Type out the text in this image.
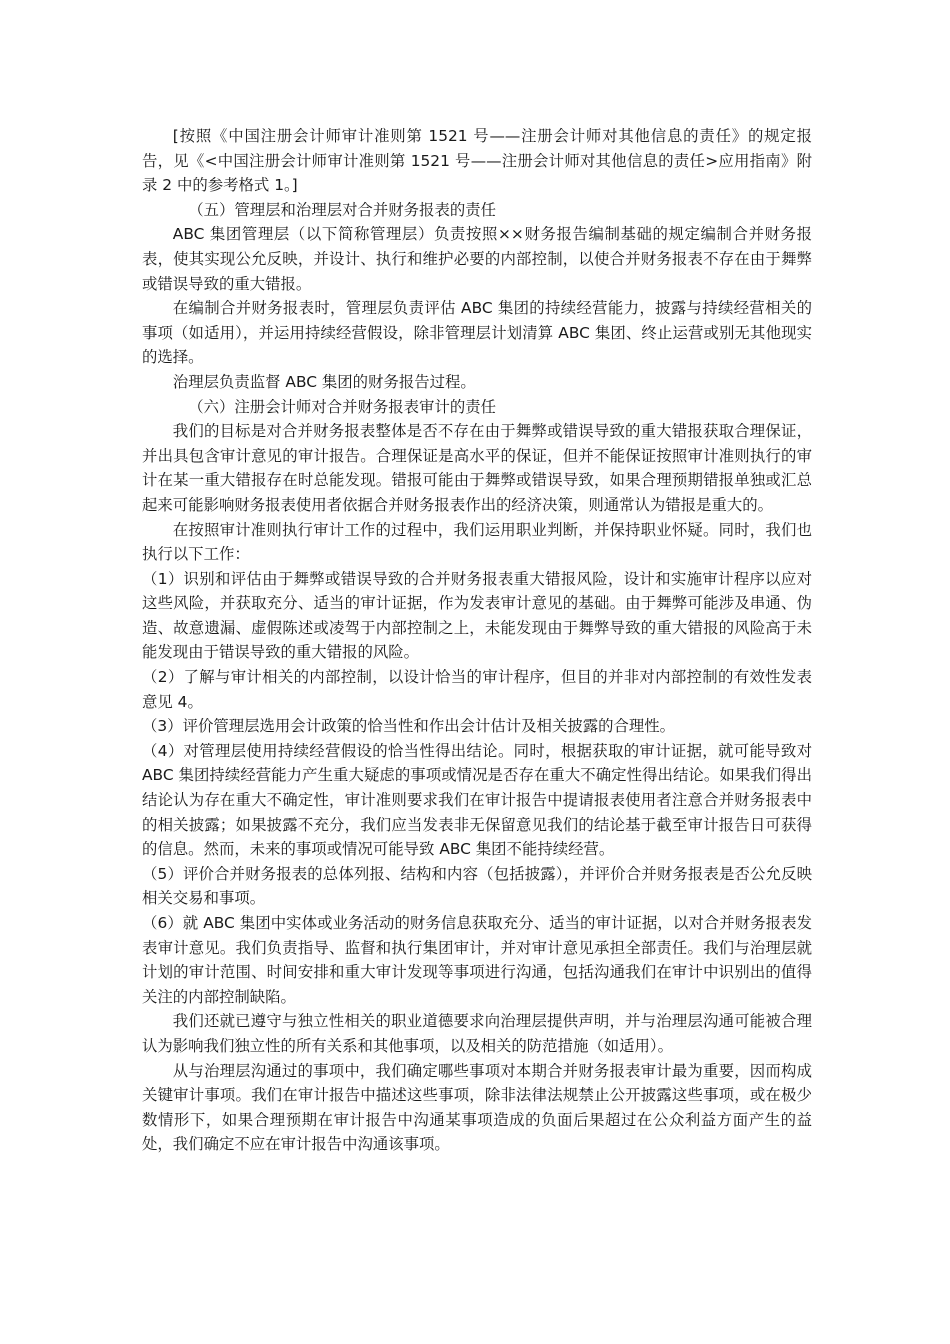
[按照《中国注册会计师审计准则第 1521 号——注册会计师对其他信息的责任》的规定报告，见《<中国注册会计师审计准则第 1521 号——注册会计师对其他信息的责任>应用指南》附录 2 中的参考格式 1。]

（五）管理层和治理层对合并财务报表的责任

ABC 集团管理层（以下简称管理层）负责按照××财务报告编制基础的规定编制合并财务报表，使其实现公允反映，并设计、执行和维护必要的内部控制，以使合并财务报表不存在由于舞弊或错误导致的重大错报。

在编制合并财务报表时，管理层负责评估 ABC 集团的持续经营能力，披露与持续经营相关的事项（如适用），并运用持续经营假设，除非管理层计划清算 ABC 集团、终止运营或别无其他现实的选择。

治理层负责监督 ABC 集团的财务报告过程。

（六）注册会计师对合并财务报表审计的责任

我们的目标是对合并财务报表整体是否不存在由于舞弊或错误导致的重大错报获取合理保证，并出具包含审计意见的审计报告。合理保证是高水平的保证，但并不能保证按照审计准则执行的审计在某一重大错报存在时总能发现。错报可能由于舞弊或错误导致，如果合理预期错报单独或汇总起来可能影响财务报表使用者依据合并财务报表作出的经济决策，则通常认为错报是重大的。

在按照审计准则执行审计工作的过程中，我们运用职业判断，并保持职业怀疑。同时，我们也执行以下工作：

（1）识别和评估由于舞弊或错误导致的合并财务报表重大错报风险，设计和实施审计程序以应对这些风险，并获取充分、适当的审计证据，作为发表审计意见的基础。由于舞弊可能涉及串通、伪造、故意遗漏、虚假陈述或凌驾于内部控制之上，未能发现由于舞弊导致的重大错报的风险高于未能发现由于错误导致的重大错报的风险。

（2）了解与审计相关的内部控制，以设计恰当的审计程序，但目的并非对内部控制的有效性发表意见 4。

（3）评价管理层选用会计政策的恰当性和作出会计估计及相关披露的合理性。

（4）对管理层使用持续经营假设的恰当性得出结论。同时，根据获取的审计证据，就可能导致对 ABC 集团持续经营能力产生重大疑虑的事项或情况是否存在重大不确定性得出结论。如果我们得出结论认为存在重大不确定性，审计准则要求我们在审计报告中提请报表使用者注意合并财务报表中的相关披露；如果披露不充分，我们应当发表非无保留意见我们的结论基于截至审计报告日可获得的信息。然而，未来的事项或情况可能导致 ABC 集团不能持续经营。

（5）评价合并财务报表的总体列报、结构和内容（包括披露），并评价合并财务报表是否公允反映相关交易和事项。

（6）就 ABC 集团中实体或业务活动的财务信息获取充分、适当的审计证据，以对合并财务报表发表审计意见。我们负责指导、监督和执行集团审计，并对审计意见承担全部责任。我们与治理层就计划的审计范围、时间安排和重大审计发现等事项进行沟通，包括沟通我们在审计中识别出的值得关注的内部控制缺陷。

我们还就已遵守与独立性相关的职业道德要求向治理层提供声明，并与治理层沟通可能被合理认为影响我们独立性的所有关系和其他事项，以及相关的防范措施（如适用）。

从与治理层沟通过的事项中，我们确定哪些事项对本期合并财务报表审计最为重要，因而构成关键审计事项。我们在审计报告中描述这些事项，除非法律法规禁止公开披露这些事项，或在极少数情形下，如果合理预期在审计报告中沟通某事项造成的负面后果超过在公众利益方面产生的益处，我们确定不应在审计报告中沟通该事项。
